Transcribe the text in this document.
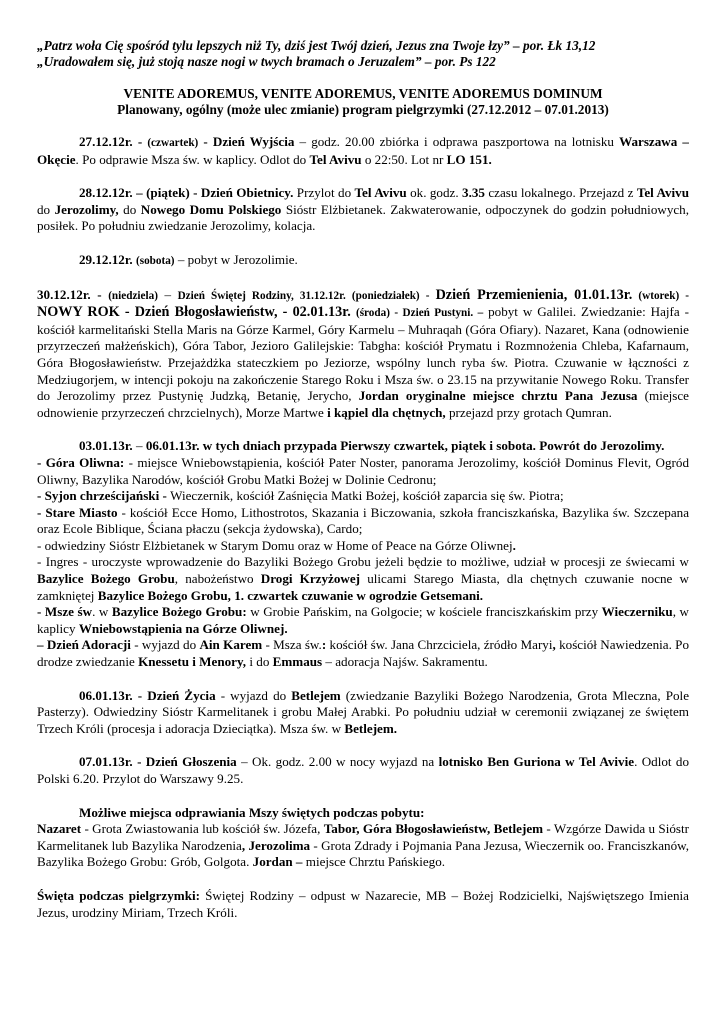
„Patrz woła Cię spośród tylu lepszych niż Ty, dziś jest Twój dzień, Jezus zna Twoje łzy” – por. Łk 13,12
„Uradowałem się, już stoją nasze nogi w twych bramach o Jeruzalem” – por. Ps 122
VENITE ADOREMUS, VENITE ADOREMUS, VENITE ADOREMUS DOMINUM
Planowany, ogólny (może ulec zmianie) program pielgrzymki (27.12.2012 – 07.01.2013)

27.12.12r. - (czwartek) - Dzień Wyjścia – godz. 20.00 zbiórka i odprawa paszportowa na lotnisku Warszawa – Okęcie. Po odprawie Msza św. w kaplicy. Odlot do Tel Avivu o 22:50. Lot nr LO 151.

28.12.12r. – (piątek) - Dzień Obietnicy. Przylot do Tel Avivu ok. godz. 3.35 czasu lokalnego. Przejazd z Tel Avivu do Jerozolimy, do Nowego Domu Polskiego Sióstr Elżbietanek. Zakwaterowanie, odpoczynek do godzin południowych, posiłek. Po południu zwiedzanie Jerozolimy, kolacja.

29.12.12r. (sobota) – pobyt w Jerozolimie.

30.12.12r. - (niedziela) – Dzień Świętej Rodziny, 31.12.12r. (poniedziałek) - Dzień Przemienienia, 01.01.13r. (wtorek) - NOWY ROK - Dzień Błogosławieństw, - 02.01.13r. (środa) - Dzień Pustyni. – pobyt w Galilei. Zwiedzanie: Hajfa - kościół karmelitański Stella Maris na Górze Karmel, Góry Karmelu – Muhraqah (Góra Ofiary). Nazaret, Kana (odnowienie przyrzeczeń małżeńskich), Góra Tabor, Jezioro Galilejskie: Tabgha: kościół Prymatu i Rozmnożenia Chleba, Kafarnaum, Góra Błogosławieństw. Przejażdżka stateczkiem po Jeziorze, wspólny lunch ryba św. Piotra. Czuwanie w łączności z Medziugorjem, w intencji pokoju na zakończenie Starego Roku i Msza św. o 23.15 na przywitanie Nowego Roku. Transfer do Jerozolimy przez Pustynię Judzką, Betanię, Jerycho, Jordan oryginalne miejsce chrztu Pana Jezusa (miejsce odnowienie przyrzeczeń chrzcielnych), Morze Martwe i kąpiel dla chętnych, przejazd przy grotach Qumran.

03.01.13r. – 06.01.13r. w tych dniach przypada Pierwszy czwartek, piątek i sobota. Powrót do Jerozolimy.

- Góra Oliwna: - miejsce Wniebowstąpienia, kościół Pater Noster, panorama Jerozolimy, kościół Dominus Flevit, Ogród Oliwny, Bazylika Narodów, kościół Grobu Matki Bożej w Dolinie Cedronu;

- Syjon chrześcijański - Wieczernik, kościół Zaśnięcia Matki Bożej, kościół zaparcia się św. Piotra;

- Stare Miasto - kościół Ecce Homo, Lithostrotos, Skazania i Biczowania, szkoła franciszkańska, Bazylika św. Szczepana oraz Ecole Biblique, Ściana płaczu (sekcja żydowska), Cardo;

- odwiedziny Sióstr Elżbietanek w Starym Domu oraz w Home of Peace na Górze Oliwnej.

- Ingres - uroczyste wprowadzenie do Bazyliki Bożego Grobu jeżeli będzie to możliwe, udział w procesji ze świecami w Bazylice Bożego Grobu, nabożeństwo Drogi Krzyżowej ulicami Starego Miasta, dla chętnych czuwanie nocne w zamkniętej Bazylice Bożego Grobu, 1. czwartek czuwanie w ogrodzie Getsemani.

- Msze św. w Bazylice Bożego Grobu: w Grobie Pańskim, na Golgocie; w kościele franciszkańskim przy Wieczerniku, w kaplicy Wniebowstąpienia na Górze Oliwnej.

– Dzień Adoracji - wyjazd do Ain Karem - Msza św.: kościół św. Jana Chrzciciela, źródło Maryi, kościół Nawiedzenia. Po drodze zwiedzanie Knessetu i Menory, i do Emmaus – adoracja Najśw. Sakramentu.

06.01.13r. - Dzień Życia - wyjazd do Betlejem (zwiedzanie Bazyliki Bożego Narodzenia, Grota Mlecznа, Pole Pasterzy). Odwiedziny Sióstr Karmelitanek i grobu Małej Arabki. Po południu udział w ceremonii związanej ze świętem Trzech Króli (procesja i adoracja Dzieciątka). Msza św. w Betlejem.

07.01.13r. - Dzień Głoszenia – Ok. godz. 2.00 w nocy wyjazd na lotnisko Ben Guriona w Tel Avivie. Odlot do Polski 6.20. Przylot do Warszawy 9.25.

Możliwe miejsca odprawiania Mszy świętych podczas pobytu:

Nazaret - Grota Zwiastowania lub kościół św. Józefa, Tabor, Góra Błogosławieństw, Betlejem - Wzgórze Dawida u Sióstr Karmelitanek lub Bazylika Narodzenia, Jerozolima - Grota Zdrady i Pojmania Pana Jezusa, Wieczernik oo. Franciszkanów, Bazylika Bożego Grobu: Grób, Golgota. Jordan – miejsce Chrztu Pańskiego.

Święta podczas pielgrzymki: Świętej Rodziny – odpust w Nazarecie, MB – Bożej Rodzicielki, Najświętszego Imienia Jezus, urodziny Miriam, Trzech Króli.
